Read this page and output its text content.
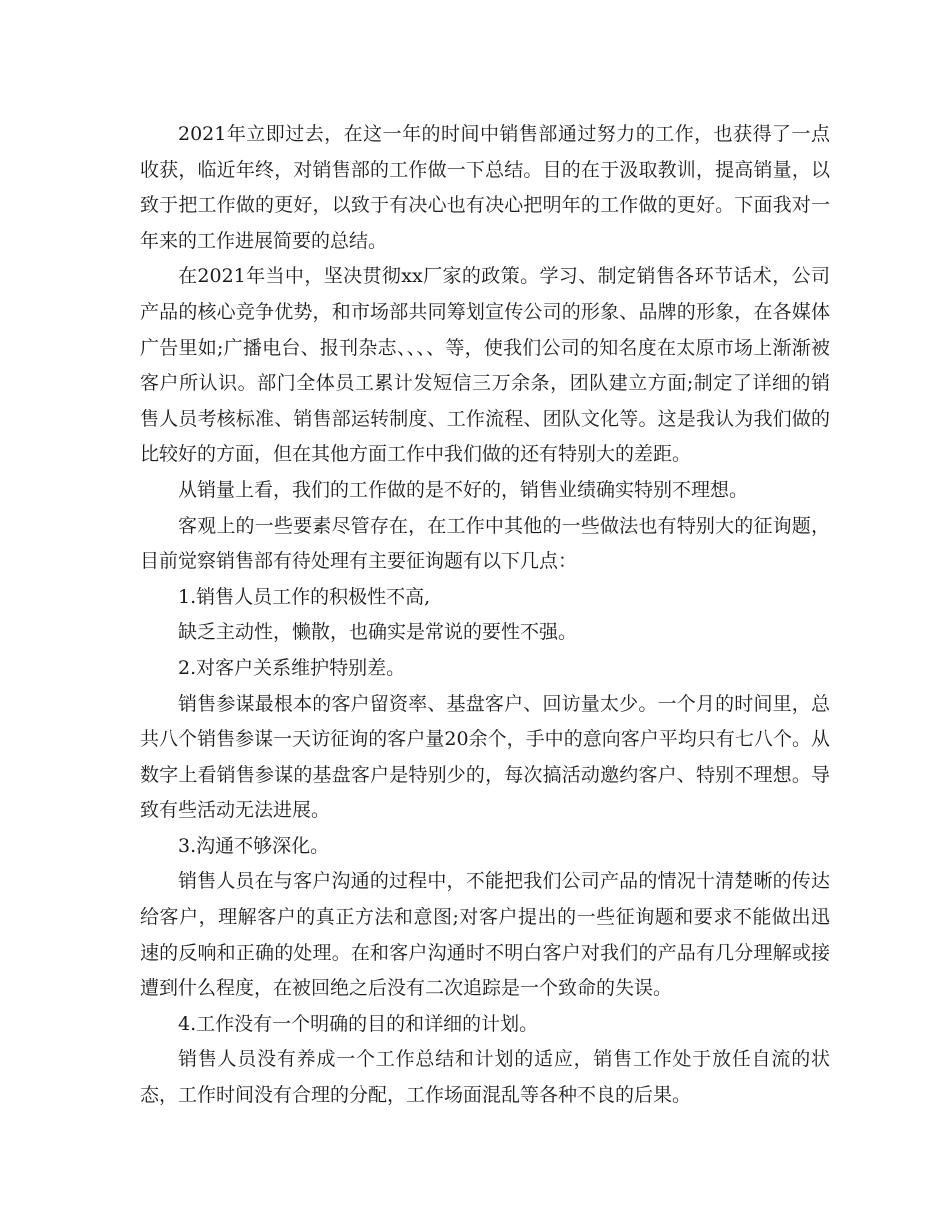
2021年立即过去，在这一年的时间中销售部通过努力的工作，也获得了一点收获，临近年终，对销售部的工作做一下总结。目的在于汲取教训，提高销量，以致于把工作做的更好，以致于有决心也有决心把明年的工作做的更好。下面我对一年来的工作进展简要的总结。

在2021年当中，坚决贯彻xx厂家的政策。学习、制定销售各环节话术，公司产品的核心竞争优势，和市场部共同筹划宣传公司的形象、品牌的形象，在各媒体广告里如;广播电台、报刊杂志、、、、等，使我们公司的知名度在太原市场上渐渐被客户所认识。部门全体员工累计发短信三万余条，团队建立方面;制定了详细的销售人员考核标准、销售部运转制度、工作流程、团队文化等。这是我认为我们做的比较好的方面，但在其他方面工作中我们做的还有特别大的差距。

从销量上看，我们的工作做的是不好的，销售业绩确实特别不理想。

客观上的一些要素尽管存在，在工作中其他的一些做法也有特别大的征询题，目前觉察销售部有待处理有主要征询题有以下几点：

1.销售人员工作的积极性不高,

缺乏主动性，懒散，也确实是常说的要性不强。

2.对客户关系维护特别差。

销售参谋最根本的客户留资率、基盘客户、回访量太少。一个月的时间里，总共八个销售参谋一天访征询的客户量20余个，手中的意向客户平均只有七八个。从数字上看销售参谋的基盘客户是特别少的，每次搞活动邀约客户、特别不理想。导致有些活动无法进展。

3.沟通不够深化。

销售人员在与客户沟通的过程中，不能把我们公司产品的情况十清楚晰的传达给客户，理解客户的真正方法和意图;对客户提出的一些征询题和要求不能做出迅速的反响和正确的处理。在和客户沟通时不明白客户对我们的产品有几分理解或接遭到什么程度，在被回绝之后没有二次追踪是一个致命的失误。

4.工作没有一个明确的目的和详细的计划。

销售人员没有养成一个工作总结和计划的适应，销售工作处于放任自流的状态，工作时间没有合理的分配，工作场面混乱等各种不良的后果。
